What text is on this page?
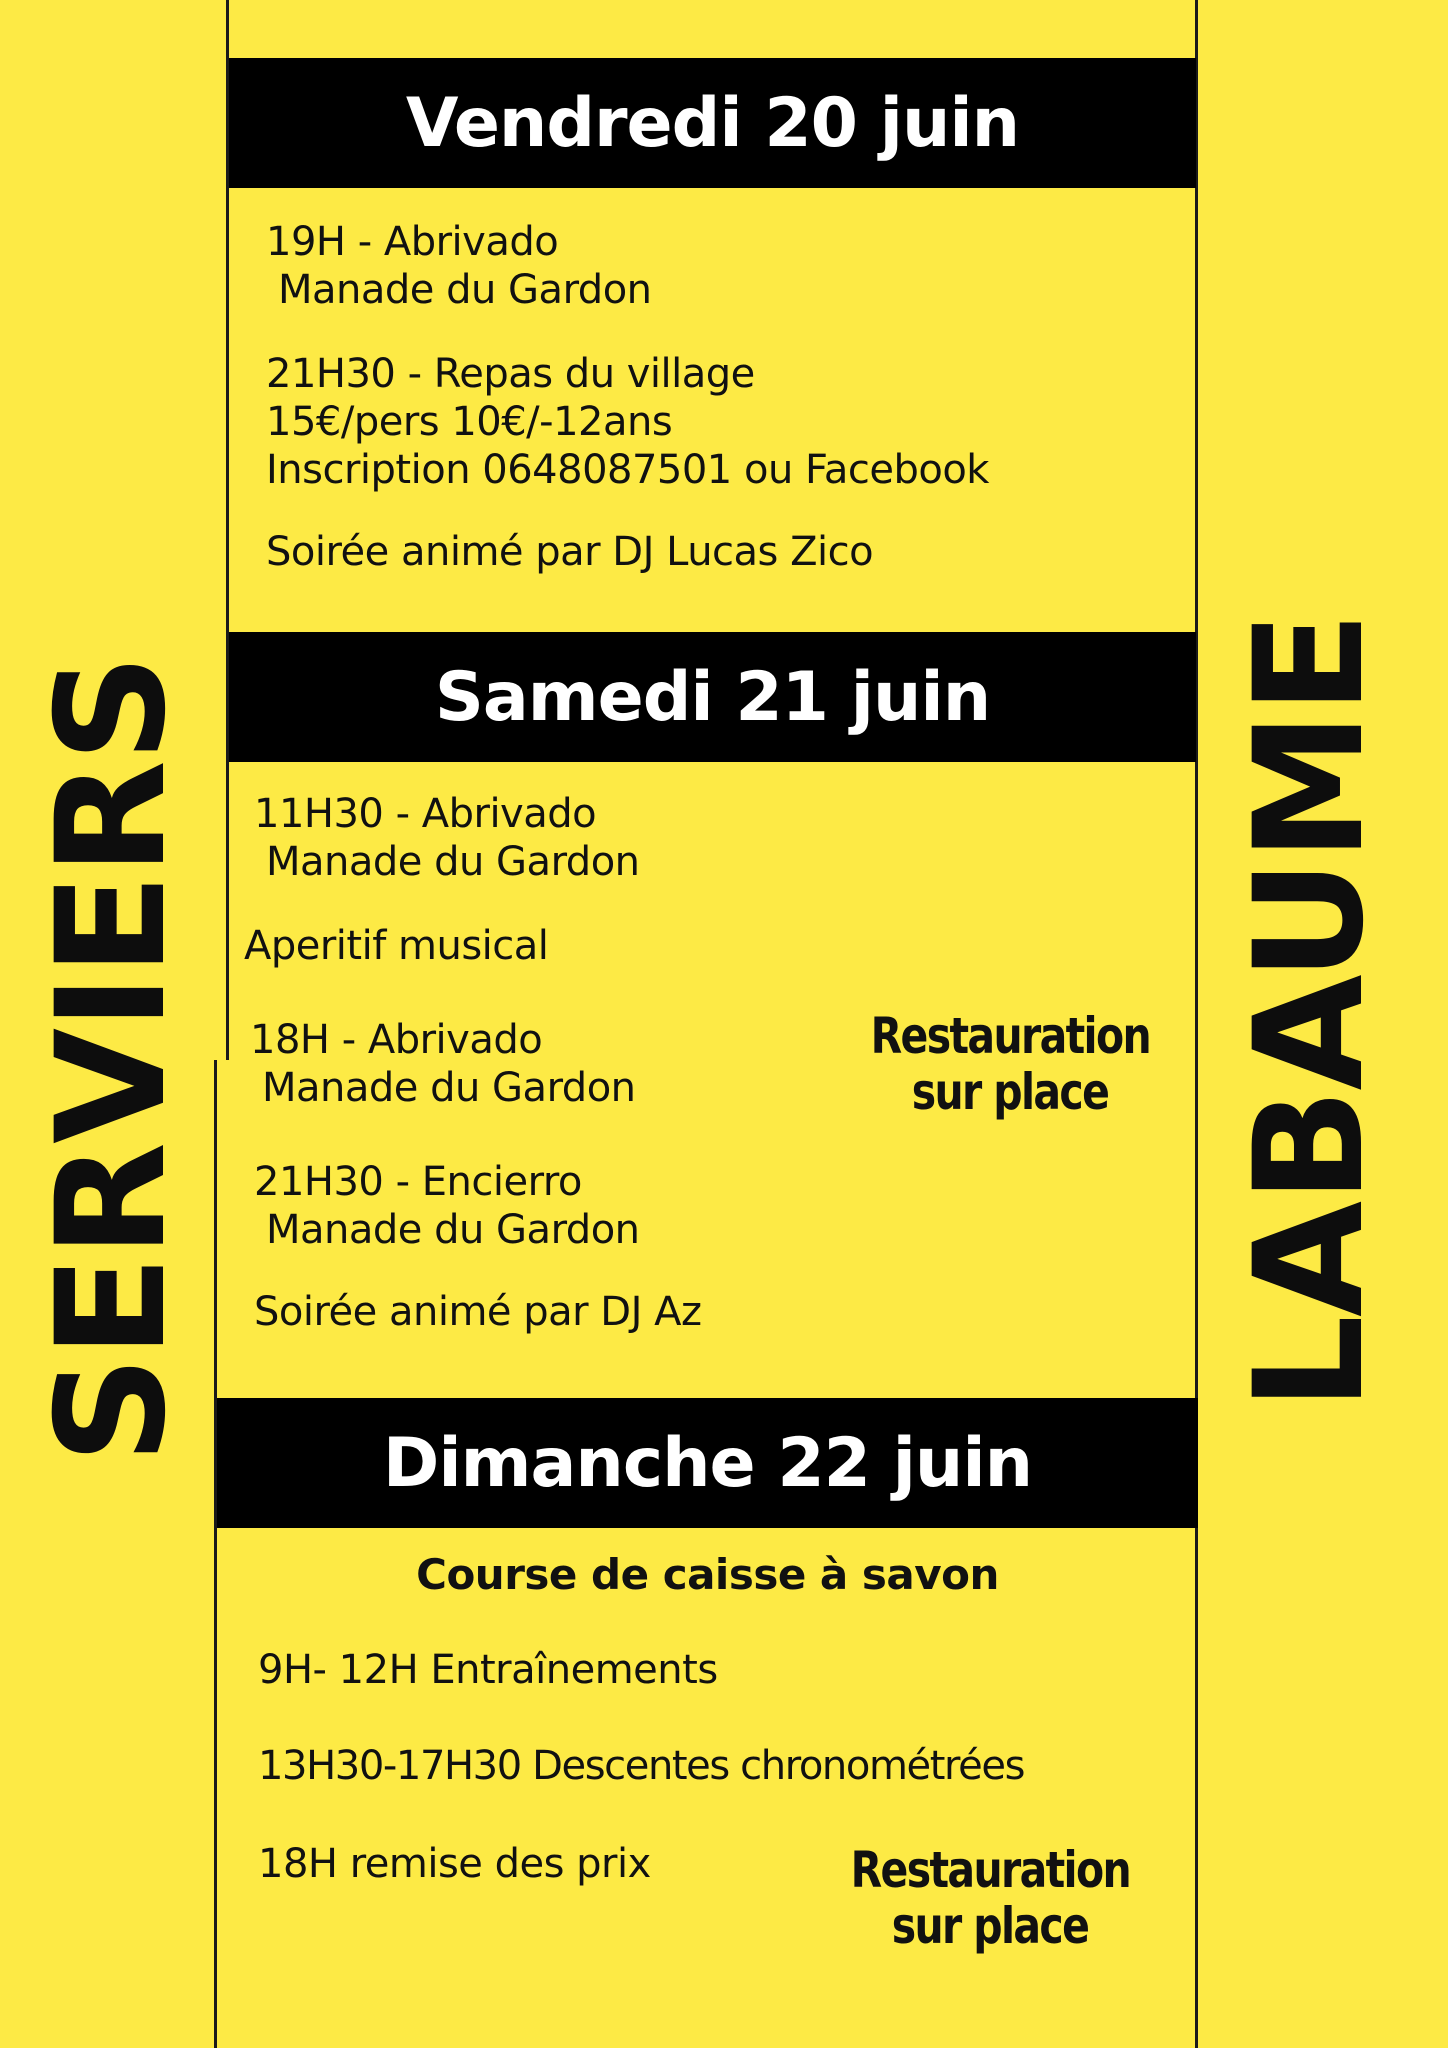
SERVIERS	LABAUME
Vendredi 20 juin
19H - Abrivado
Manade du Gardon
21H30 - Repas du village
15€/pers 10€/-12ans
Inscription 0648087501 ou Facebook
Soirée animé par DJ Lucas Zico
Samedi 21 juin
11H30 - Abrivado
Manade du Gardon
Aperitif musical
18H - Abrivado
Manade du Gardon
21H30 - Encierro
Manade du Gardon
Soirée animé par DJ Az
Restauration
sur place
Dimanche 22 juin
Course de caisse à savon
9H- 12H Entraînements
13H30-17H30 Descentes chronométrées
18H remise des prix	Restauration
sur place
